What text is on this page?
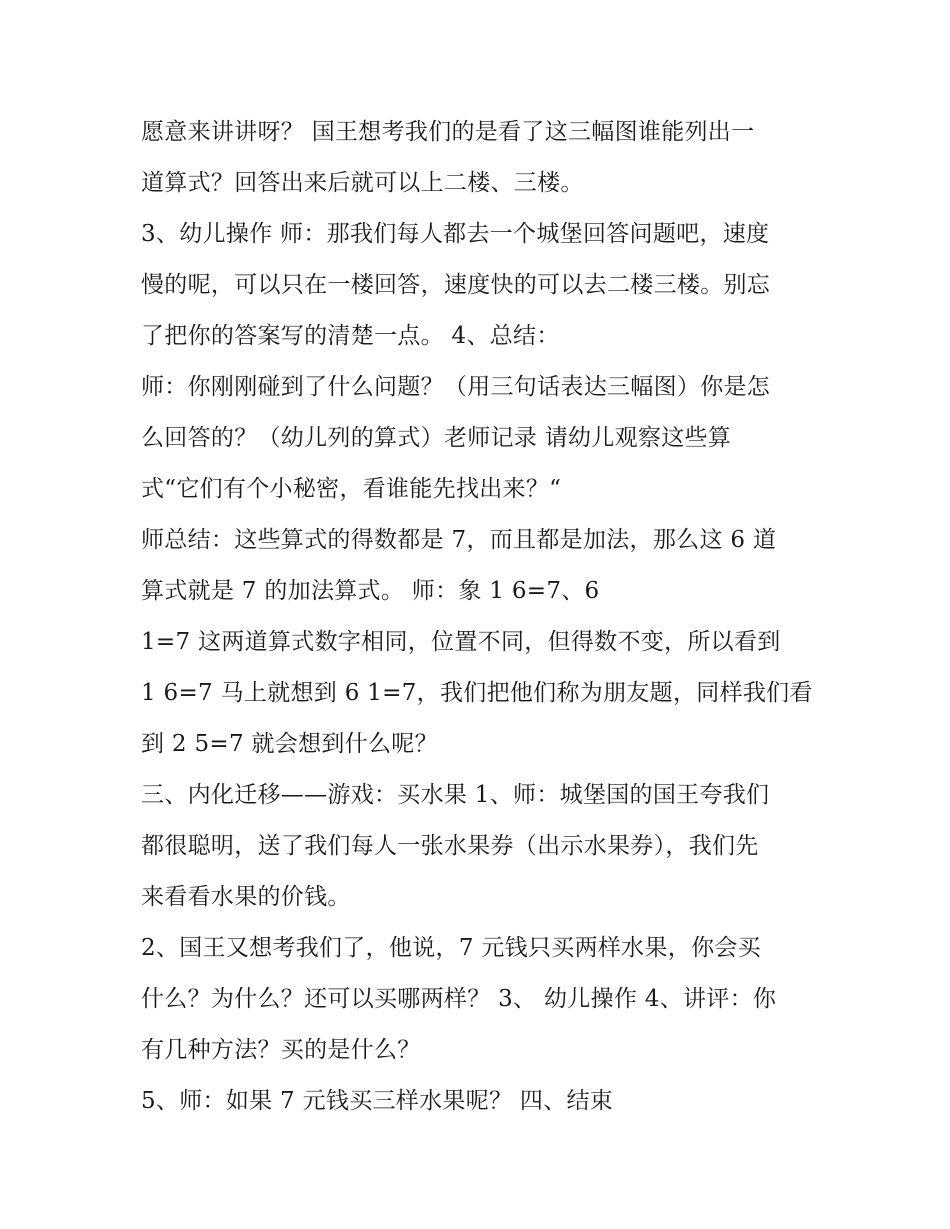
愿意来讲讲呀？ 国王想考我们的是看了这三幅图谁能列出一
道算式？回答出来后就可以上二楼、三楼。
3、幼儿操作 师：那我们每人都去一个城堡回答问题吧，速度
慢的呢，可以只在一楼回答，速度快的可以去二楼三楼。别忘
了把你的答案写的清楚一点。 4、总结：
师：你刚刚碰到了什么问题？（用三句话表达三幅图）你是怎
么回答的？（幼儿列的算式）老师记录 请幼儿观察这些算
式“它们有个小秘密，看谁能先找出来？“
师总结：这些算式的得数都是 7，而且都是加法，那么这 6 道
算式就是 7 的加法算式。 师：象 1 6=7、6
1=7 这两道算式数字相同，位置不同，但得数不变，所以看到
1 6=7 马上就想到 6 1=7，我们把他们称为朋友题，同样我们看
到 2 5=7 就会想到什么呢？
三、内化迁移——游戏：买水果 1、师：城堡国的国王夸我们
都很聪明，送了我们每人一张水果券（出示水果券），我们先
来看看水果的价钱。
2、国王又想考我们了，他说，7 元钱只买两样水果，你会买
什么？为什么？还可以买哪两样？ 3、 幼儿操作 4、讲评：你
有几种方法？买的是什么？
5、师：如果 7 元钱买三样水果呢？ 四、结束
